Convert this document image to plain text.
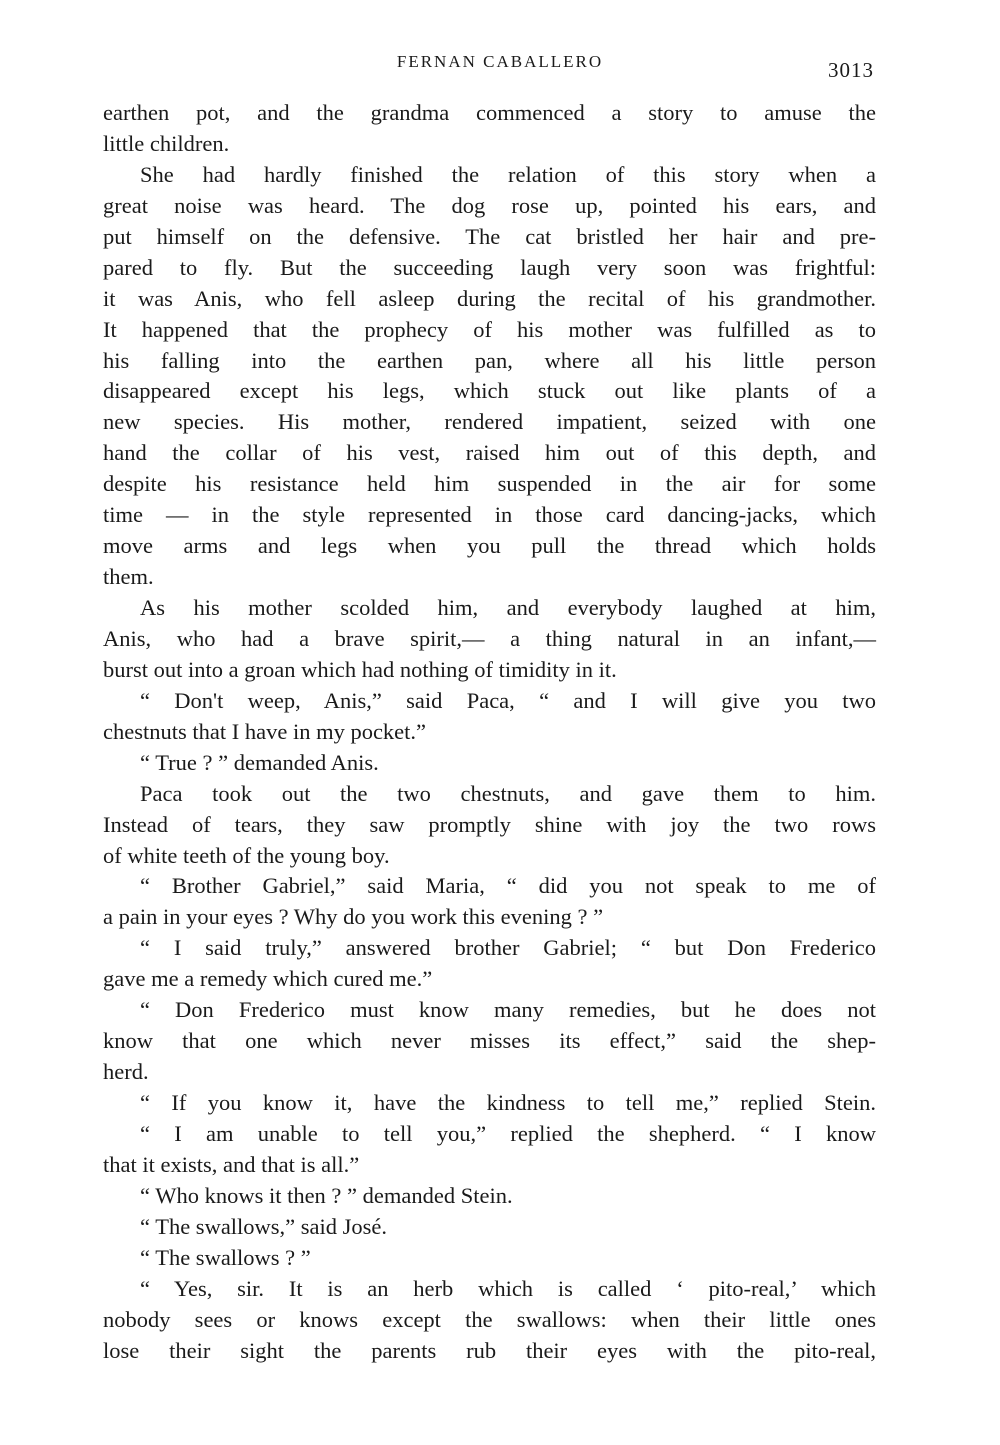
FERNAN CABALLERO	3013
earthen pot, and the grandma commenced a story to amuse the
little children.
She had hardly finished the relation of this story when a
great noise was heard. The dog rose up, pointed his ears, and
put himself on the defensive. The cat bristled her hair and pre-
pared to fly. But the succeeding laugh very soon was frightful:
it was Anis, who fell asleep during the recital of his grandmother.
It happened that the prophecy of his mother was fulfilled as to
his falling into the earthen pan, where all his little person
disappeared except his legs, which stuck out like plants of a
new species. His mother, rendered impatient, seized with one
hand the collar of his vest, raised him out of this depth, and
despite his resistance held him suspended in the air for some
time — in the style represented in those card dancing-jacks, which
move arms and legs when you pull the thread which holds
them.
As his mother scolded him, and everybody laughed at him,
Anis, who had a brave spirit,— a thing natural in an infant,—
burst out into a groan which had nothing of timidity in it.
“ Don't weep, Anis,” said Paca, “ and I will give you two
chestnuts that I have in my pocket.”
“ True ? ” demanded Anis.
Paca took out the two chestnuts, and gave them to him.
Instead of tears, they saw promptly shine with joy the two rows
of white teeth of the young boy.
“ Brother Gabriel,” said Maria, “ did you not speak to me of
a pain in your eyes ? Why do you work this evening ? ”
“ I said truly,” answered brother Gabriel; “ but Don Frederico
gave me a remedy which cured me.”
“ Don Frederico must know many remedies, but he does not
know that one which never misses its effect,” said the shep-
herd.
“ If you know it, have the kindness to tell me,” replied Stein.
“ I am unable to tell you,” replied the shepherd. “ I know
that it exists, and that is all.”
“ Who knows it then ? ” demanded Stein.
“ The swallows,” said José.
“ The swallows ? ”
“ Yes, sir. It is an herb which is called ‘ pito-real,’ which
nobody sees or knows except the swallows: when their little ones
lose their sight the parents rub their eyes with the pito-real,
